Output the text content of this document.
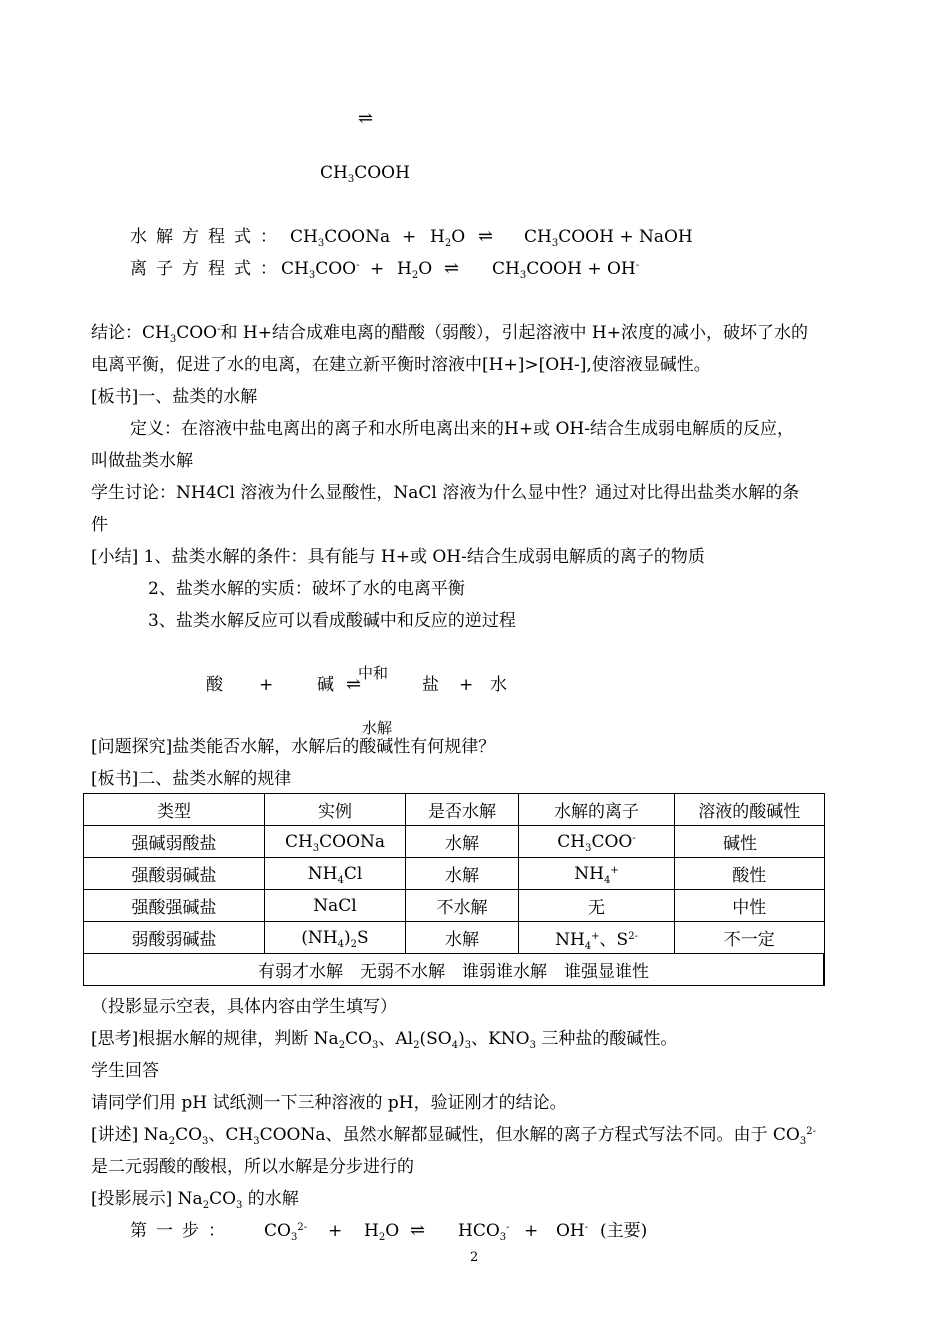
⇌
$CH_3COOH$
水解方程式： $CH_3COONa + H_2O$ ⇌ $CH_3COOH$ + NaOH
离子方程式：
$CH_3COO^- + H_2O$ ⇌ $CH_3COOH + OH^-$
结论：$CH_3COO^-$和 H+结合成难电离的醋酸（弱酸），引起溶液中 H+浓度的减小，破坏了水的
电离平衡，促进了水的电离，在建立新平衡时溶液中[H+]>[OH-],使溶液显碱性。
[板书]一、盐类的水解
定义：在溶液中盐电离出的离子和水所电离出来的H+或 OH-结合生成弱电解质的反应，
叫做盐类水解
学生讨论：NH4Cl 溶液为什么显酸性，NaCl 溶液为什么显中性？通过对比得出盐类水解的条
件
[小结] 1、盐类水解的条件：具有能与 H+或 OH-结合生成弱电解质的离子的物质
2、盐类水解的实质：破坏了水的电离平衡
3、盐类水解反应可以看成酸碱中和反应的逆过程
酸 +	碱
中和
⇌
水解
盐 + 水
[问题探究]盐类能否水解，水解后的酸碱性有何规律？
[板书]二、盐类水解的规律
类型	实例	是否水解	水解的离子	溶液的酸碱性
强碱弱酸盐	$CH_3COONa$	水解	$CH_3COO^-$	碱性
强酸弱碱盐	$NH_4Cl$	水解	$NH_4^+$	酸性
强酸强碱盐	NaCl	不水解	无	中性
弱酸弱碱盐	$(NH_4)_2S$	水解	$NH_4^+$、$S^{2-}$	不一定
有弱才水解　无弱不水解　谁弱谁水解　谁强显谁性				
（投影显示空表，具体内容由学生填写）
[思考]根据水解的规律，判断 $Na_2CO_3$、$Al_2(SO_4)_3$、$KNO_3$ 三种盐的酸碱性。
学生回答
请同学们用 pH 试纸测一下三种溶液的 pH，验证刚才的结论。
[讲述] $Na_2CO_3$、$CH_3COONa$、虽然水解都显碱性，但水解的离子方程式写法不同。由于 $CO_3^{2-}$
是二元弱酸的酸根，所以水解是分步进行的
[投影展示] $Na_2CO_3$ 的水解
第一步： $CO_3^{2-} + H_2O$ ⇌ $HCO_3^- + OH^-$ (主要)
2
